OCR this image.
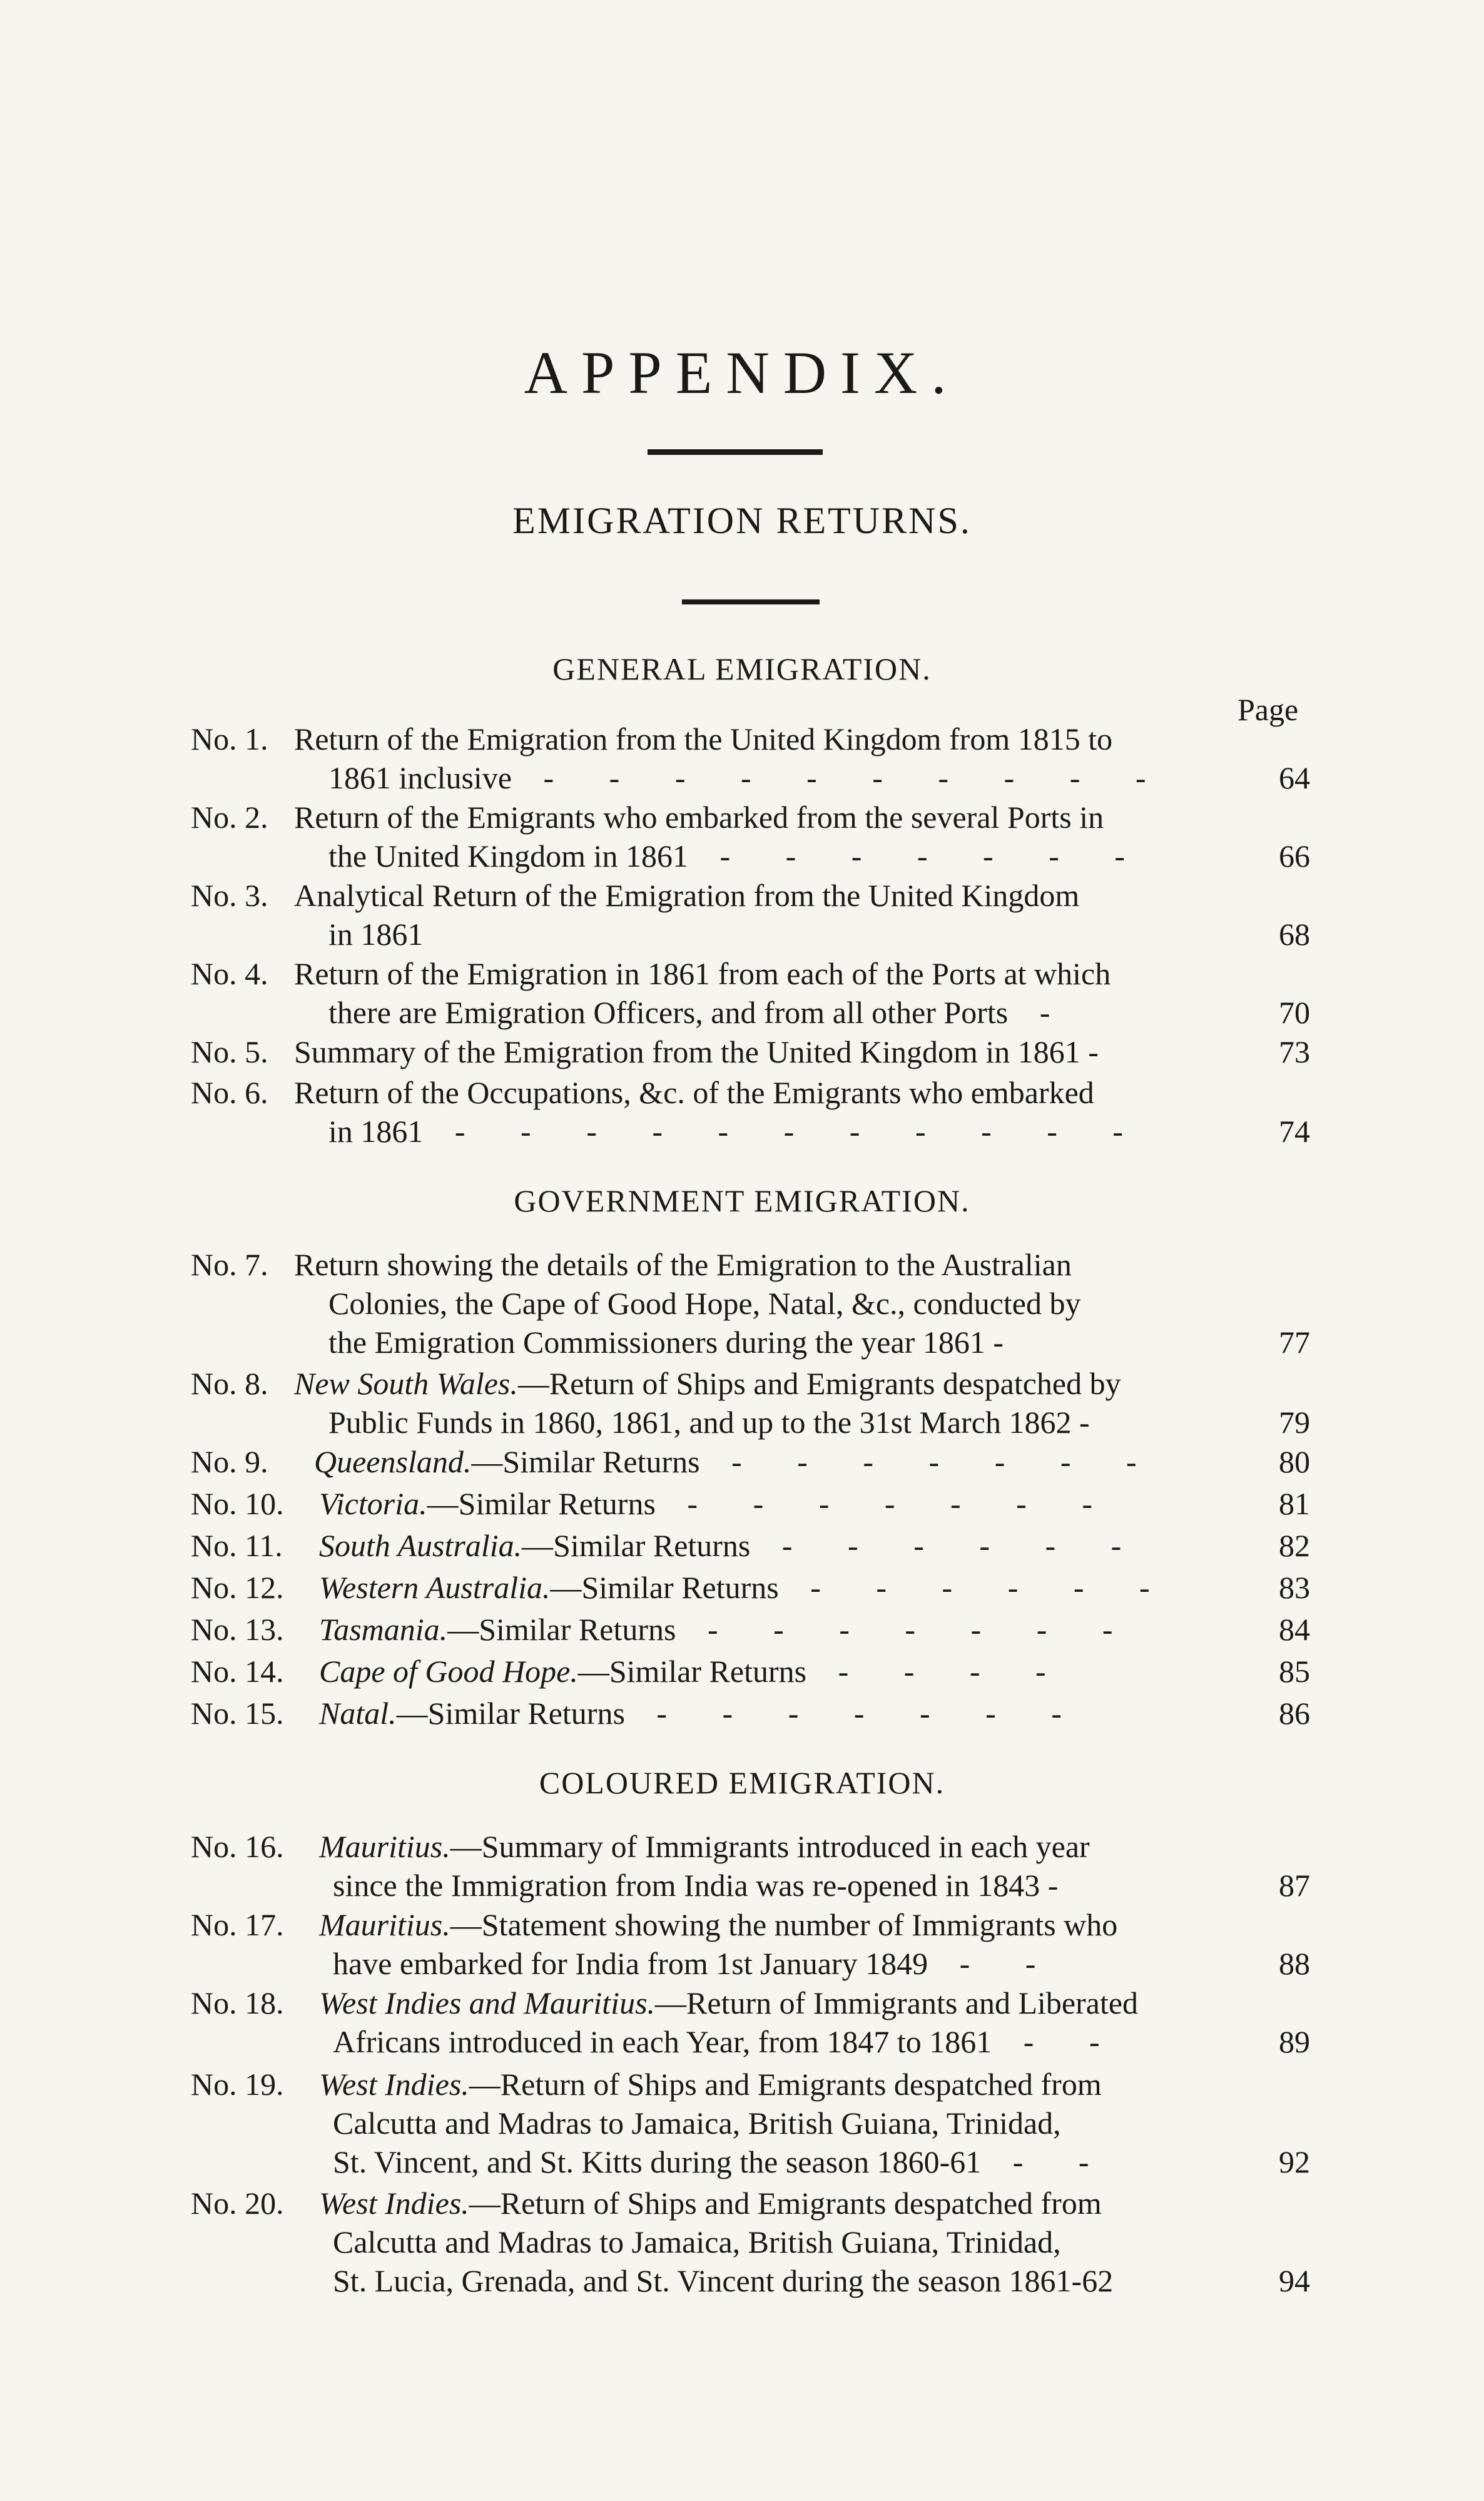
APPENDIX.
EMIGRATION RETURNS.
GENERAL EMIGRATION.
Page
No. 1. Return of the Emigration from the United Kingdom from 1815 to
1861 inclusive - - - - - - - - - -	64
No. 2. Return of the Emigrants who embarked from the several Ports in
the United Kingdom in 1861 - - - - - - -	66
No. 3. Analytical Return of the Emigration from the United Kingdom
in 1861	68
No. 4. Return of the Emigration in 1861 from each of the Ports at which
there are Emigration Officers, and from all other Ports -	70
No. 5. Summary of the Emigration from the United Kingdom in 1861 -	73
No. 6. Return of the Occupations, &c. of the Emigrants who embarked
in 1861 - - - - - - - - - - -	74
GOVERNMENT EMIGRATION.
No. 7. Return showing the details of the Emigration to the Australian
Colonies, the Cape of Good Hope, Natal, &c., conducted by
the Emigration Commissioners during the year 1861 -	77
No. 8. New South Wales.—Return of Ships and Emigrants despatched by
Public Funds in 1860, 1861, and up to the 31st March 1862 -	79
No. 9. Queensland.—Similar Returns - - - - - - -	80
No. 10. Victoria.—Similar Returns - - - - - - -	81
No. 11. South Australia.—Similar Returns - - - - - -	82
No. 12. Western Australia.—Similar Returns - - - - - -	83
No. 13. Tasmania.—Similar Returns - - - - - - -	84
No. 14. Cape of Good Hope.—Similar Returns - - - -	85
No. 15. Natal.—Similar Returns - - - - - - -	86
COLOURED EMIGRATION.
No. 16. Mauritius.—Summary of Immigrants introduced in each year
since the Immigration from India was re-opened in 1843 -	87
No. 17. Mauritius.—Statement showing the number of Immigrants who
have embarked for India from 1st January 1849 - -	88
No. 18. West Indies and Mauritius.—Return of Immigrants and Liberated
Africans introduced in each Year, from 1847 to 1861 - -	89
No. 19. West Indies.—Return of Ships and Emigrants despatched from
Calcutta and Madras to Jamaica, British Guiana, Trinidad,
St. Vincent, and St. Kitts during the season 1860-61 - -	92
No. 20. West Indies.—Return of Ships and Emigrants despatched from
Calcutta and Madras to Jamaica, British Guiana, Trinidad,
St. Lucia, Grenada, and St. Vincent during the season 1861-62	94
